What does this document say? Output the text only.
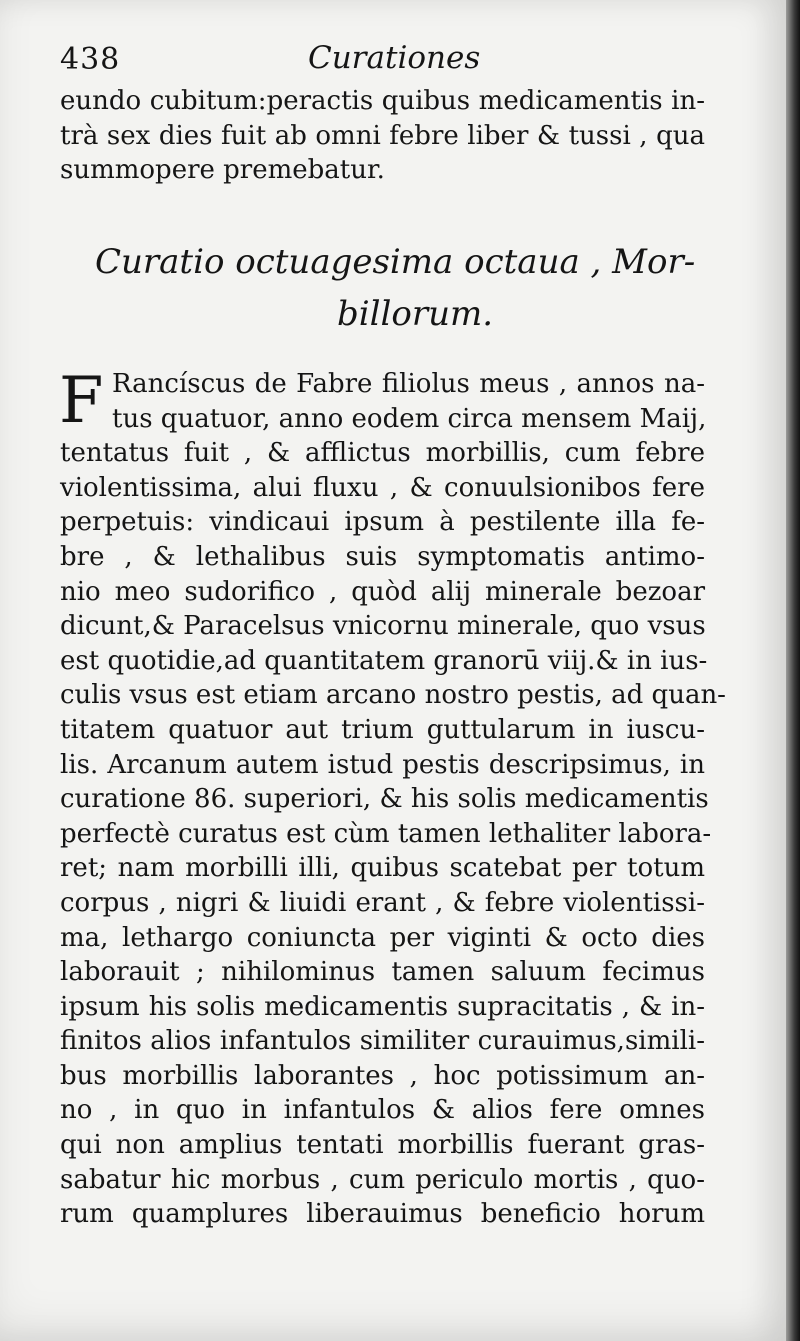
438	Curationes
eundo cubitum:peractis quibus medicamentis in-
trà sex dies fuit ab omni febre liber & tussi , qua
summopere premebatur.
Curatio octuagesima octaua , Mor-
billorum.
F Rancíscus de Fabre filiolus meus , annos na-
tus quatuor, anno eodem circa mensem Maij,
tentatus fuit , & afflictus morbillis, cum febre
violentissima, alui fluxu , & conuulsionibos fere
perpetuis: vindicaui ipsum à pestilente illa fe-
bre , & lethalibus suis symptomatis antimo-
nio meo sudorifico , quòd alij minerale bezoar
dicunt,& Paracelsus vnicornu minerale, quo vsus
est quotidie,ad quantitatem granorū viij.& in ius-
culis vsus est etiam arcano nostro pestis, ad quan-
titatem quatuor aut trium guttularum in iuscu-
lis. Arcanum autem istud pestis descripsimus, in
curatione 86. superiori, & his solis medicamentis
perfectè curatus est cùm tamen lethaliter labora-
ret; nam morbilli illi, quibus scatebat per totum
corpus , nigri & liuidi erant , & febre violentissi-
ma, lethargo coniuncta per viginti & octo dies
laborauit ; nihilominus tamen saluum fecimus
ipsum his solis medicamentis supracitatis , & in-
finitos alios infantulos similiter curauimus,simili-
bus morbillis laborantes , hoc potissimum an-
no , in quo in infantulos & alios fere omnes
qui non amplius tentati morbillis fuerant gras-
sabatur hic morbus , cum periculo mortis , quo-
rum quamplures liberauimus beneficio horum
